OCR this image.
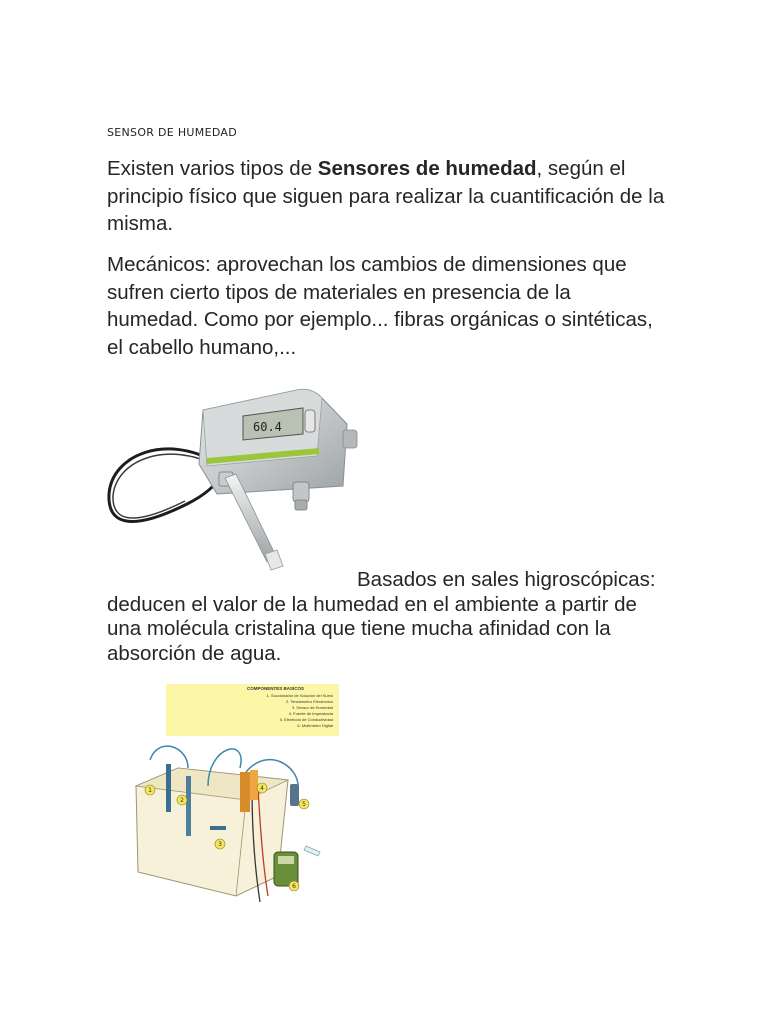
SENSOR DE HUMEDAD

Existen varios tipos de Sensores de humedad, según el principio físico que siguen para realizar la cuantificación de la misma.

Mecánicos: aprovechan los cambios de dimensiones que sufren cierto tipos de materiales en presencia de la humedad. Como por ejemplo... fibras orgánicas o sintéticas, el cabello humano,...

60.4

Basados en sales higroscópicas: deducen el valor de la humedad en el ambiente a partir de una molécula cristalina que tiene mucha afinidad con la absorción de agua.

COMPONENTES BASICOS
1. Succionador de Solución del Suelo
2. Tensiómetro Electrónico
3. Sensor de Humedad
4. Fuente de Impedancia
5. Electrodo de Conductividad
6. Multímetro Digital
1
2
3
4
5
6
